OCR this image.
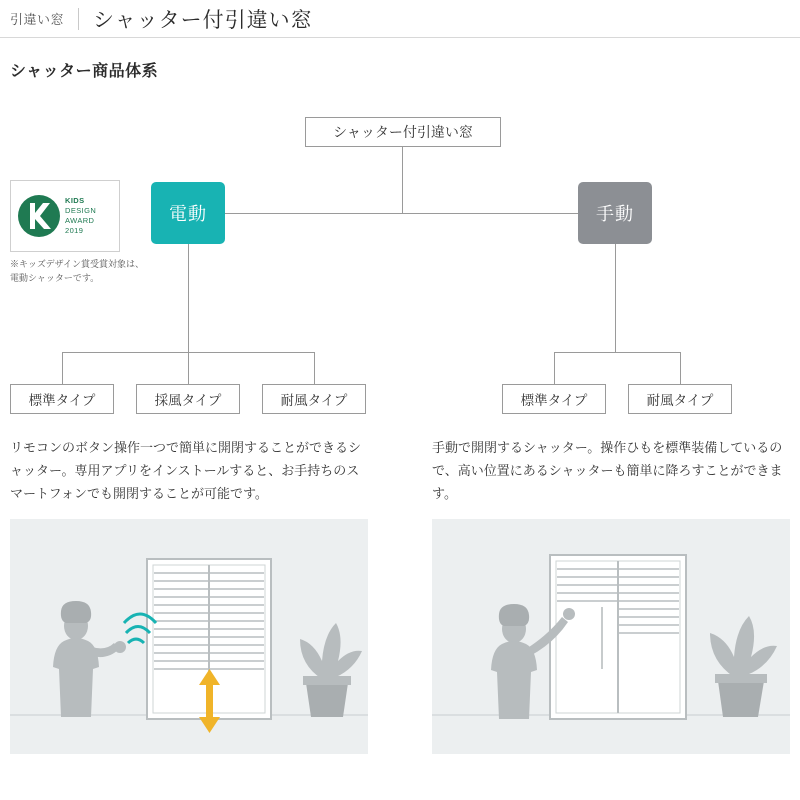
引違い窓 シャッター付引違い窓
シャッター商品体系
シャッター付引違い窓
電動	手動
標準タイプ	採風タイプ	耐風タイプ	標準タイプ	耐風タイプ
KIDS
DESIGN
AWARD
2019
※キッズデザイン賞受賞対象は、
電動シャッターです。
リモコンのボタン操作一つで簡単に開閉することができるシャッター。専用アプリをインストールすると、お手持ちのスマートフォンでも開閉することが可能です。
手動で開閉するシャッター。操作ひもを標準装備しているので、高い位置にあるシャッターも簡単に降ろすことができます。
